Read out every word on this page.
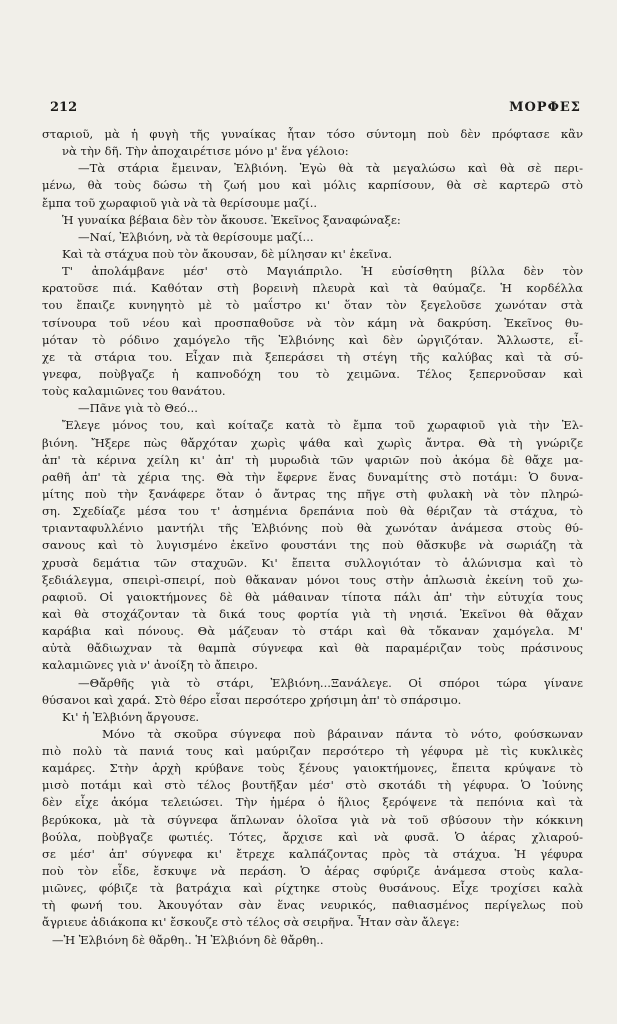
212	ΜΟΡΦΕΣ
σταριοῦ, μὰ ἡ φυγὴ τῆς γυναίκας ἦταν τόσο σύντομη ποὺ δὲν πρόφτασε κἂν
νὰ τὴν δῆ. Τὴν ἀποχαιρέτισε μόνο μ' ἕνα γέλοιο:
—Τὰ στάρια ἔμειναν, Ἐλβιόνη. Ἐγὼ θὰ τὰ μεγαλώσω καὶ θὰ σὲ περι-
μένω, θὰ τοὺς δώσω τὴ ζωή μου καὶ μόλις καρπίσουν, θὰ σὲ καρτερῶ στὸ
ἔμπα τοῦ χωραφιοῦ γιὰ νὰ τὰ θερίσουμε μαζί..
Ἡ γυναίκα βέβαια δὲν τὸν ἄκουσε. Ἐκεῖνος ξαναφώναξε:
—Ναί, Ἐλβιόνη, νὰ τὰ θερίσουμε μαζί...
Καὶ τὰ στάχυα ποὺ τὸν ἄκουσαν, δὲ μίλησαν κι' ἐκεῖνα.
Τ' ἀπολάμβανε μέσ' στὸ Μαγιάπριλο. Ἡ εὐσίσθητη βίλλα δὲν τὸν
κρατοῦσε πιά. Καθόταν στὴ βορεινὴ πλευρὰ καὶ τὰ θαύμαζε. Ἡ κορδέλλα
του ἔπαιζε κυνηγητὸ μὲ τὸ μαΐστρο κι' ὅταν τὸν ξεγελοῦσε χωνόταν στὰ
τσίνουρα τοῦ νέου καὶ προσπαθοῦσε νὰ τὸν κάμη νὰ δακρύση. Ἐκεῖνος θυ-
μόταν τὸ ρόδινο χαμόγελο τῆς Ἐλβιόνης καὶ δὲν ὠργιζόταν. Ἄλλωστε, εἶ-
χε τὰ στάρια του. Εἶχαν πιὰ ξεπεράσει τὴ στέγη τῆς καλύβας καὶ τὰ σύ-
γνεφα, ποὺβγαζε ἡ καπνοδόχη του τὸ χειμῶνα. Τέλος ξεπερνοῦσαν καὶ
τοὺς καλαμιῶνες του θανάτου.
—Πᾶνε γιὰ τὸ Θεό...
Ἔλεγε μόνος του, καὶ κοίταζε κατὰ τὸ ἔμπα τοῦ χωραφιοῦ γιὰ τὴν Ἐλ-
βιόνη. Ἤξερε πὼς θἄρχόταν χωρὶς ψάθα καὶ χωρὶς ἄντρα. Θὰ τὴ γνώριζε
ἀπ' τὰ κέρινα χείλη κι' ἀπ' τὴ μυρωδιὰ τῶν ψαριῶν ποὺ ἀκόμα δὲ θἄχε μα-
ραθῆ ἀπ' τὰ χέρια της. Θὰ τὴν ἔφερνε ἕνας δυναμίτης στὸ ποτάμι: Ὁ δυνα-
μίτης ποὺ τὴν ξανάφερε ὅταν ὁ ἄντρας της πῆγε στὴ φυλακὴ νὰ τὸν πληρώ-
ση. Σχεδίαζε μέσα του τ' ἀσημένια δρεπάνια ποὺ θὰ θέριζαν τὰ στάχυα, τὸ
τριανταφυλλένιο μαντήλι τῆς Ἐλβιόνης ποὺ θὰ χωνόταν ἀνάμεσα στοὺς θύ-
σανους καὶ τὸ λυγισμένο ἐκεῖνο φουστάνι της ποὺ θἄσκυβε νὰ σωριάζη τὰ
χρυσὰ δεμάτια τῶν σταχυῶν. Κι' ἔπειτα συλλογιόταν τὸ ἁλώνισμα καὶ τὸ
ξεδιάλεγμα, σπειρὶ-σπειρί, ποὺ θἄκαναν μόνοι τους στὴν ἁπλωσιὰ ἐκείνη τοῦ χω-
ραφιοῦ. Οἱ γαιοκτήμονες δὲ θὰ μάθαιναν τίποτα πάλι ἀπ' τὴν εὐτυχία τους
καὶ θὰ στοχάζονταν τὰ δικά τους φορτία γιὰ τὴ νησιά. Ἐκεῖνοι θὰ θἄχαν
καράβια καὶ πόνους. Θὰ μάζευαν τὸ στάρι καὶ θὰ τὄκαναν χαμόγελα. Μ'
αὐτὰ θἄδιωχναν τὰ θαμπὰ σύγνεφα καὶ θὰ παραμέριζαν τοὺς πράσινους
καλαμιῶνες γιὰ ν' ἀνοίξη τὸ ἄπειρο.
—Θἄρθῆς γιὰ τὸ στάρι, Ἐλβιόνη...Ξανάλεγε. Οἱ σπόροι τώρα γίνανε
θύσανοι καὶ χαρά. Στὸ θέρο εἶσαι περσότερο χρήσιμη ἀπ' τὸ σπάρσιμο.
Κι' ἡ Ἐλβιόνη ἄργουσε.
Μόνο τὰ σκοῦρα σύγνεφα ποὺ βάραιναν πάντα τὸ νότο, φούσκωναν
πιὸ πολὺ τὰ πανιά τους καὶ μαύριζαν περσότερο τὴ γέφυρα μὲ τὶς κυκλικὲς
καμάρες. Στὴν ἀρχὴ κρύβανε τοὺς ξένους γαιοκτήμονες, ἔπειτα κρύψανε τὸ
μισὸ ποτάμι καὶ στὸ τέλος βουτῆξαν μέσ' στὸ σκοτάδι τὴ γέφυρα. Ὁ Ἰούνης
δὲν εἶχε ἀκόμα τελειώσει. Τὴν ἡμέρα ὁ ἥλιος ξερόψενε τὰ πεπόνια καὶ τὰ
βερύκοκα, μὰ τὰ σύγνεφα ἅπλωναν ὁλοῖσα γιὰ νὰ τοῦ σβύσουν τὴν κόκκινη
βούλα, ποὺβγαζε φωτιές. Τότες, ἄρχισε καὶ νὰ φυσᾶ. Ὁ ἀέρας χλιαρού-
σε μέσ' ἀπ' σύγνεφα κι' ἔτρεχε καλπάζοντας πρὸς τὰ στάχυα. Ἡ γέφυρα
ποὺ τὸν εἶδε, ἔσκυψε νὰ περάση. Ὁ ἀέρας σφύριζε ἀνάμεσα στοὺς καλα-
μιῶνες, φόβιζε τὰ βατράχια καὶ ρίχτηκε στοὺς θυσάνους. Εἶχε τροχίσει καλὰ
τὴ φωνή του. Ἀκουγόταν σὰν ἕνας νευρικός, παθιασμένος περίγελως ποὺ
ἄγριευε ἀδιάκοπα κι' ἔσκουζε στὸ τέλος σὰ σειρῆνα. Ἦταν σὰν ἄλεγε:
—Ἡ Ἐλβιόνη δὲ θἄρθη.. Ἡ Ἐλβιόνη δὲ θἄρθη..
